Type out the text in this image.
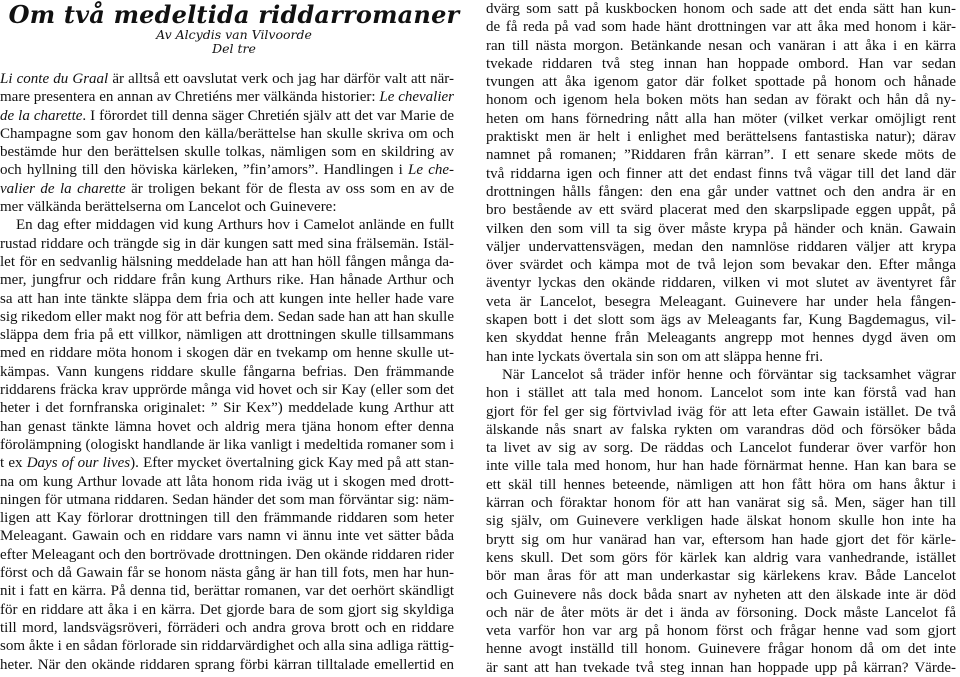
Om två medeltida riddarromaner
Av Alcydis van Vilvoorde
Del tre

Li conte du Graal är alltså ett oavslutat verk och jag har därför valt att när-
mare presentera en annan av Chretiéns mer välkända historier: Le chevalier
de la charette. I förordet till denna säger Chretién själv att det var Marie de
Champagne som gav honom den källa/berättelse han skulle skriva om och
bestämde hur den berättelsen skulle tolkas, nämligen som en skildring av
och hyllning till den höviska kärleken, ”fin’amors”. Handlingen i Le che-
valier de la charette är troligen bekant för de flesta av oss som en av de
mer välkända berättelserna om Lancelot och Guinevere:
En dag efter middagen vid kung Arthurs hov i Camelot anlände en fullt
rustad riddare och trängde sig in där kungen satt med sina frälsemän. Istäl-
let för en sedvanlig hälsning meddelade han att han höll fången många da-
mer, jungfrur och riddare från kung Arthurs rike. Han hånade Arthur och
sa att han inte tänkte släppa dem fria och att kungen inte heller hade vare
sig rikedom eller makt nog för att befria dem. Sedan sade han att han skulle
släppa dem fria på ett villkor, nämligen att drottningen skulle tillsammans
med en riddare möta honom i skogen där en tvekamp om henne skulle ut-
kämpas. Vann kungens riddare skulle fångarna befrias. Den främmande
riddarens fräcka krav upprörde många vid hovet och sir Kay (eller som det
heter i det fornfranska originalet: ” Sir Kex”) meddelade kung Arthur att
han genast tänkte lämna hovet och aldrig mera tjäna honom efter denna
förolämpning (ologiskt handlande är lika vanligt i medeltida romaner som i
t ex Days of our lives). Efter mycket övertalning gick Kay med på att stan-
na om kung Arthur lovade att låta honom rida iväg ut i skogen med drott-
ningen för utmana riddaren. Sedan händer det som man förväntar sig: näm-
ligen att Kay förlorar drottningen till den främmande riddaren som heter
Meleagant. Gawain och en riddare vars namn vi ännu inte vet sätter båda
efter Meleagant och den bortrövade drottningen. Den okände riddaren rider
först och då Gawain får se honom nästa gång är han till fots, men har hun-
nit i fatt en kärra. På denna tid, berättar romanen, var det oerhört skändligt
för en riddare att åka i en kärra. Det gjorde bara de som gjort sig skyldiga
till mord, landsvägsröveri, förräderi och andra grova brott och en riddare
som åkte i en sådan förlorade sin riddarvärdighet och alla sina adliga rättig-
heter. När den okände riddaren sprang förbi kärran tilltalade emellertid en

dvärg som satt på kuskbocken honom och sade att det enda sätt han kun-
de få reda på vad som hade hänt drottningen var att åka med honom i kär-
ran till nästa morgon. Betänkande nesan och vanäran i att åka i en kärra
tvekade riddaren två steg innan han hoppade ombord. Han var sedan
tvungen att åka igenom gator där folket spottade på honom och hånade
honom och igenom hela boken möts han sedan av förakt och hån då ny-
heten om hans förnedring nått alla han möter (vilket verkar omöjligt rent
praktiskt men är helt i enlighet med berättelsens fantastiska natur); därav
namnet på romanen; ”Riddaren från kärran”. I ett senare skede möts de
två riddarna igen och finner att det endast finns två vägar till det land där
drottningen hålls fången: den ena går under vattnet och den andra är en
bro bestående av ett svärd placerat med den skarpslipade eggen uppåt, på
vilken den som vill ta sig över måste krypa på händer och knän. Gawain
väljer undervattensvägen, medan den namnlöse riddaren väljer att krypa
över svärdet och kämpa mot de två lejon som bevakar den. Efter många
äventyr lyckas den okände riddaren, vilken vi mot slutet av äventyret får
veta är Lancelot, besegra Meleagant. Guinevere har under hela fången-
skapen bott i det slott som ägs av Meleagants far, Kung Bagdemagus, vil-
ken skyddat henne från Meleagants angrepp mot hennes dygd även om
han inte lyckats övertala sin son om att släppa henne fri.
När Lancelot så träder inför henne och förväntar sig tacksamhet vägrar
hon i stället att tala med honom. Lancelot som inte kan förstå vad han
gjort för fel ger sig förtvivlad iväg för att leta efter Gawain istället. De två
älskande nås snart av falska rykten om varandras död och försöker båda
ta livet av sig av sorg. De räddas och Lancelot funderar över varför hon
inte ville tala med honom, hur han hade förnärmat henne. Han kan bara se
ett skäl till hennes beteende, nämligen att hon fått höra om hans åktur i
kärran och föraktar honom för att han vanärat sig så. Men, säger han till
sig själv, om Guinevere verkligen hade älskat honom skulle hon inte ha
brytt sig om hur vanärad han var, eftersom han hade gjort det för kärle-
kens skull. Det som görs för kärlek kan aldrig vara vanhedrande, istället
bör man åras för att man underkastar sig kärlekens krav. Både Lancelot
och Guinevere nås dock båda snart av nyheten att den älskade inte är död
och när de åter möts är det i ända av försoning. Dock måste Lancelot få
veta varför hon var arg på honom först och frågar henne vad som gjort
henne avogt inställd till honom. Guinevere frågar honom då om det inte
är sant att han tvekade två steg innan han hoppade upp på kärran? Värde-
